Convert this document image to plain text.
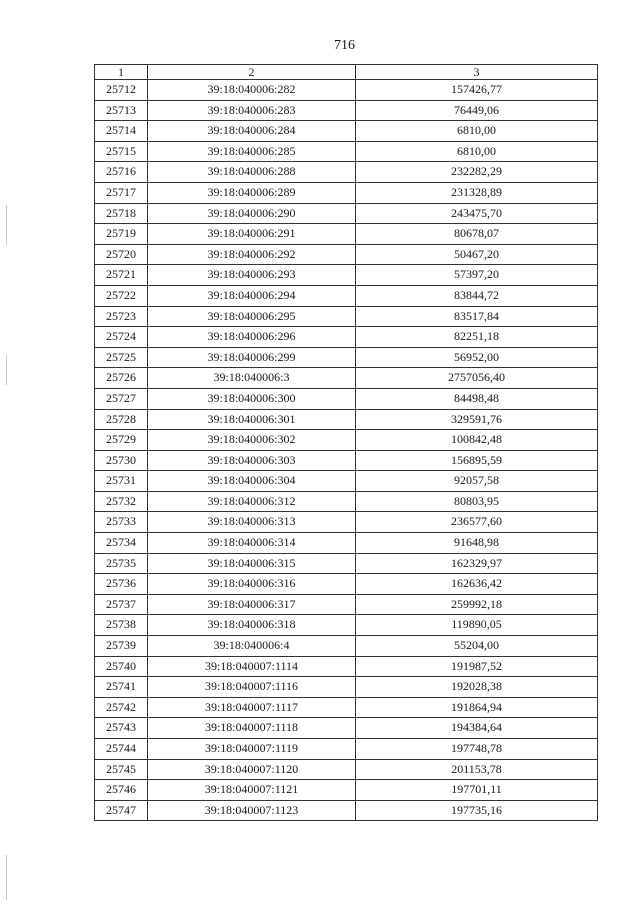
716
1	2	3
25712	39:18:040006:282	157426,77
25713	39:18:040006:283	76449,06
25714	39:18:040006:284	6810,00
25715	39:18:040006:285	6810,00
25716	39:18:040006:288	232282,29
25717	39:18:040006:289	231328,89
25718	39:18:040006:290	243475,70
25719	39:18:040006:291	80678,07
25720	39:18:040006:292	50467,20
25721	39:18:040006:293	57397,20
25722	39:18:040006:294	83844,72
25723	39:18:040006:295	83517,84
25724	39:18:040006:296	82251,18
25725	39:18:040006:299	56952,00
25726	39:18:040006:3	2757056,40
25727	39:18:040006:300	84498,48
25728	39:18:040006:301	329591,76
25729	39:18:040006:302	100842,48
25730	39:18:040006:303	156895,59
25731	39:18:040006:304	92057,58
25732	39:18:040006:312	80803,95
25733	39:18:040006:313	236577,60
25734	39:18:040006:314	91648,98
25735	39:18:040006:315	162329,97
25736	39:18:040006:316	162636,42
25737	39:18:040006:317	259992,18
25738	39:18:040006:318	119890,05
25739	39:18:040006:4	55204,00
25740	39:18:040007:1114	191987,52
25741	39:18:040007:1116	192028,38
25742	39:18:040007:1117	191864,94
25743	39:18:040007:1118	194384,64
25744	39:18:040007:1119	197748,78
25745	39:18:040007:1120	201153,78
25746	39:18:040007:1121	197701,11
25747	39:18:040007:1123	197735,16
